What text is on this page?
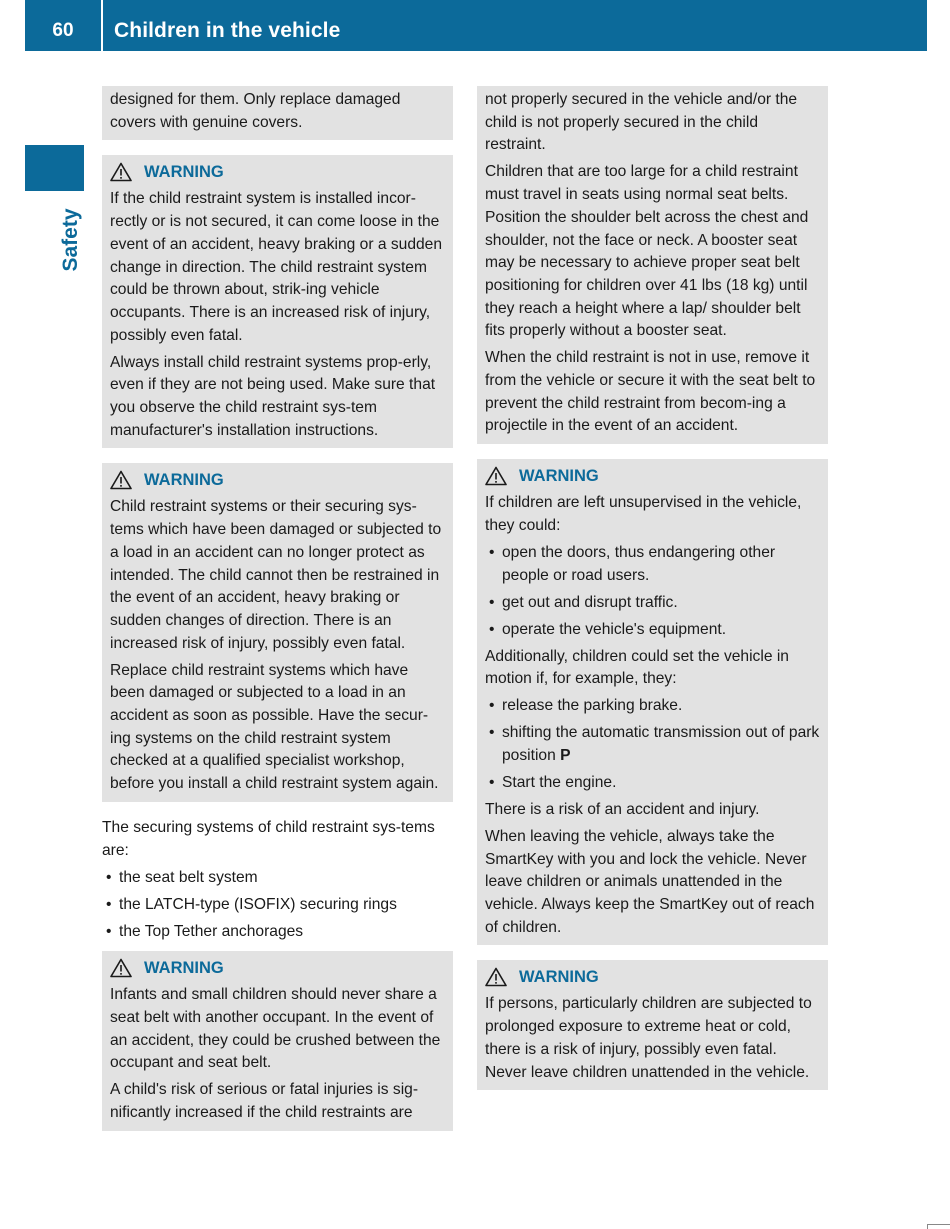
60	Children in the vehicle
Safety

designed for them. Only replace damaged covers with genuine covers.

WARNING

If the child restraint system is installed incor-rectly or is not secured, it can come loose in the event of an accident, heavy braking or a sudden change in direction. The child restraint system could be thrown about, strik-ing vehicle occupants. There is an increased risk of injury, possibly even fatal.

Always install child restraint systems prop-erly, even if they are not being used. Make sure that you observe the child restraint sys-tem manufacturer's installation instructions.

WARNING

Child restraint systems or their securing sys-tems which have been damaged or subjected to a load in an accident can no longer protect as intended. The child cannot then be restrained in the event of an accident, heavy braking or sudden changes of direction. There is an increased risk of injury, possibly even fatal.

Replace child restraint systems which have been damaged or subjected to a load in an accident as soon as possible. Have the secur-ing systems on the child restraint system checked at a qualified specialist workshop, before you install a child restraint system again.

The securing systems of child restraint sys-tems are:

• the seat belt system
• the LATCH-type (ISOFIX) securing rings
• the Top Tether anchorages
WARNING

Infants and small children should never share a seat belt with another occupant. In the event of an accident, they could be crushed between the occupant and seat belt.

A child's risk of serious or fatal injuries is sig-nificantly increased if the child restraints are

not properly secured in the vehicle and/or the child is not properly secured in the child restraint.

Children that are too large for a child restraint must travel in seats using normal seat belts. Position the shoulder belt across the chest and shoulder, not the face or neck. A booster seat may be necessary to achieve proper seat belt positioning for children over 41 lbs (18 kg) until they reach a height where a lap/ shoulder belt fits properly without a booster seat.

When the child restraint is not in use, remove it from the vehicle or secure it with the seat belt to prevent the child restraint from becom-ing a projectile in the event of an accident.

WARNING

If children are left unsupervised in the vehicle, they could:

• open the doors, thus endangering other people or road users.
• get out and disrupt traffic.
• operate the vehicle's equipment.

Additionally, children could set the vehicle in motion if, for example, they:

• release the parking brake.
• shifting the automatic transmission out of park position P
• Start the engine.

There is a risk of an accident and injury.

When leaving the vehicle, always take the SmartKey with you and lock the vehicle. Never leave children or animals unattended in the vehicle. Always keep the SmartKey out of reach of children.

WARNING

If persons, particularly children are subjected to prolonged exposure to extreme heat or cold, there is a risk of injury, possibly even fatal. Never leave children unattended in the vehicle.
